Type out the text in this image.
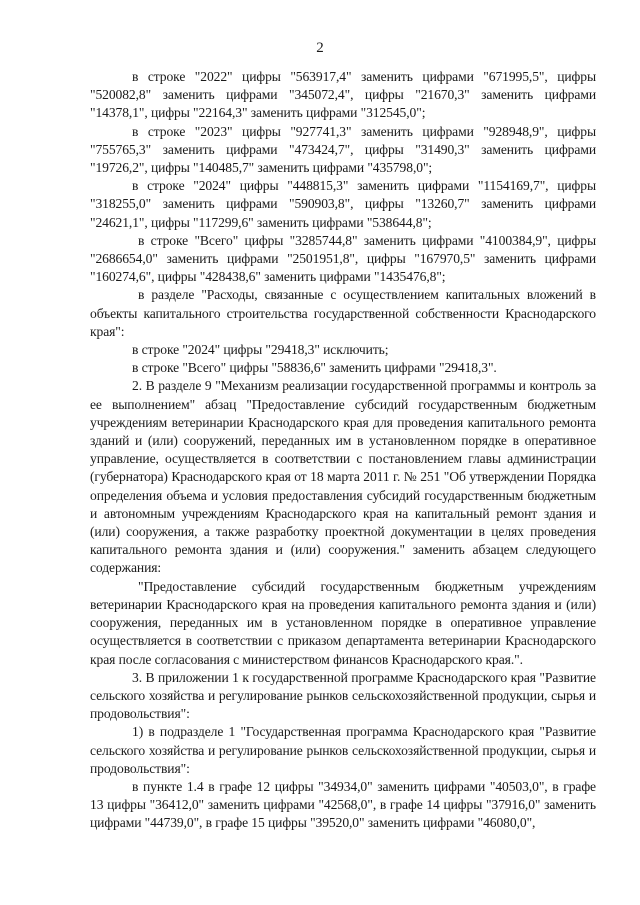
2

в строке "2022" цифры "563917,4" заменить цифрами "671995,5", цифры "520082,8" заменить цифрами "345072,4", цифры "21670,3" заменить цифрами "14378,1", цифры "22164,3" заменить цифрами "312545,0";

в строке "2023" цифры "927741,3" заменить цифрами "928948,9", цифры "755765,3" заменить цифрами "473424,7", цифры "31490,3" заменить цифрами "19726,2", цифры "140485,7" заменить цифрами "435798,0";

в строке "2024" цифры "448815,3" заменить цифрами "1154169,7", цифры "318255,0" заменить цифрами "590903,8", цифры "13260,7" заменить цифрами "24621,1", цифры "117299,6" заменить цифрами "538644,8";

в строке "Всего" цифры "3285744,8" заменить цифрами "4100384,9", цифры "2686654,0" заменить цифрами "2501951,8", цифры "167970,5" заменить цифрами "160274,6", цифры "428438,6" заменить цифрами "1435476,8";

в разделе "Расходы, связанные с осуществлением капитальных вложений в объекты капитального строительства государственной собственности Краснодарского края":

в строке "2024" цифры "29418,3" исключить;

в строке "Всего" цифры "58836,6" заменить цифрами "29418,3".

2. В разделе 9 "Механизм реализации государственной программы и контроль за ее выполнением" абзац "Предоставление субсидий государственным бюджетным учреждениям ветеринарии Краснодарского края для проведения капитального ремонта зданий и (или) сооружений, переданных им в установленном порядке в оперативное управление, осуществляется в соответствии с постановлением главы администрации (губернатора) Краснодарского края от 18 марта 2011 г. № 251 "Об утверждении Порядка определения объема и условия предоставления субсидий государственным бюджетным и автономным учреждениям Краснодарского края на капитальный ремонт здания и (или) сооружения, а также разработку проектной документации в целях проведения капитального ремонта здания и (или) сооружения." заменить абзацем следующего содержания:

"Предоставление субсидий государственным бюджетным учреждениям ветеринарии Краснодарского края на проведения капитального ремонта здания и (или) сооружения, переданных им в установленном порядке в оперативное управление осуществляется в соответствии с приказом департамента ветеринарии Краснодарского края после согласования с министерством финансов Краснодарского края.".

3. В приложении 1 к государственной программе Краснодарского края "Развитие сельского хозяйства и регулирование рынков сельскохозяйственной продукции, сырья и продовольствия":

1) в подразделе 1 "Государственная программа Краснодарского края "Развитие сельского хозяйства и регулирование рынков сельскохозяйственной продукции, сырья и продовольствия":

в пункте 1.4 в графе 12 цифры "34934,0" заменить цифрами "40503,0", в графе 13 цифры "36412,0" заменить цифрами "42568,0", в графе 14 цифры "37916,0" заменить цифрами "44739,0", в графе 15 цифры "39520,0" заменить цифрами "46080,0",
